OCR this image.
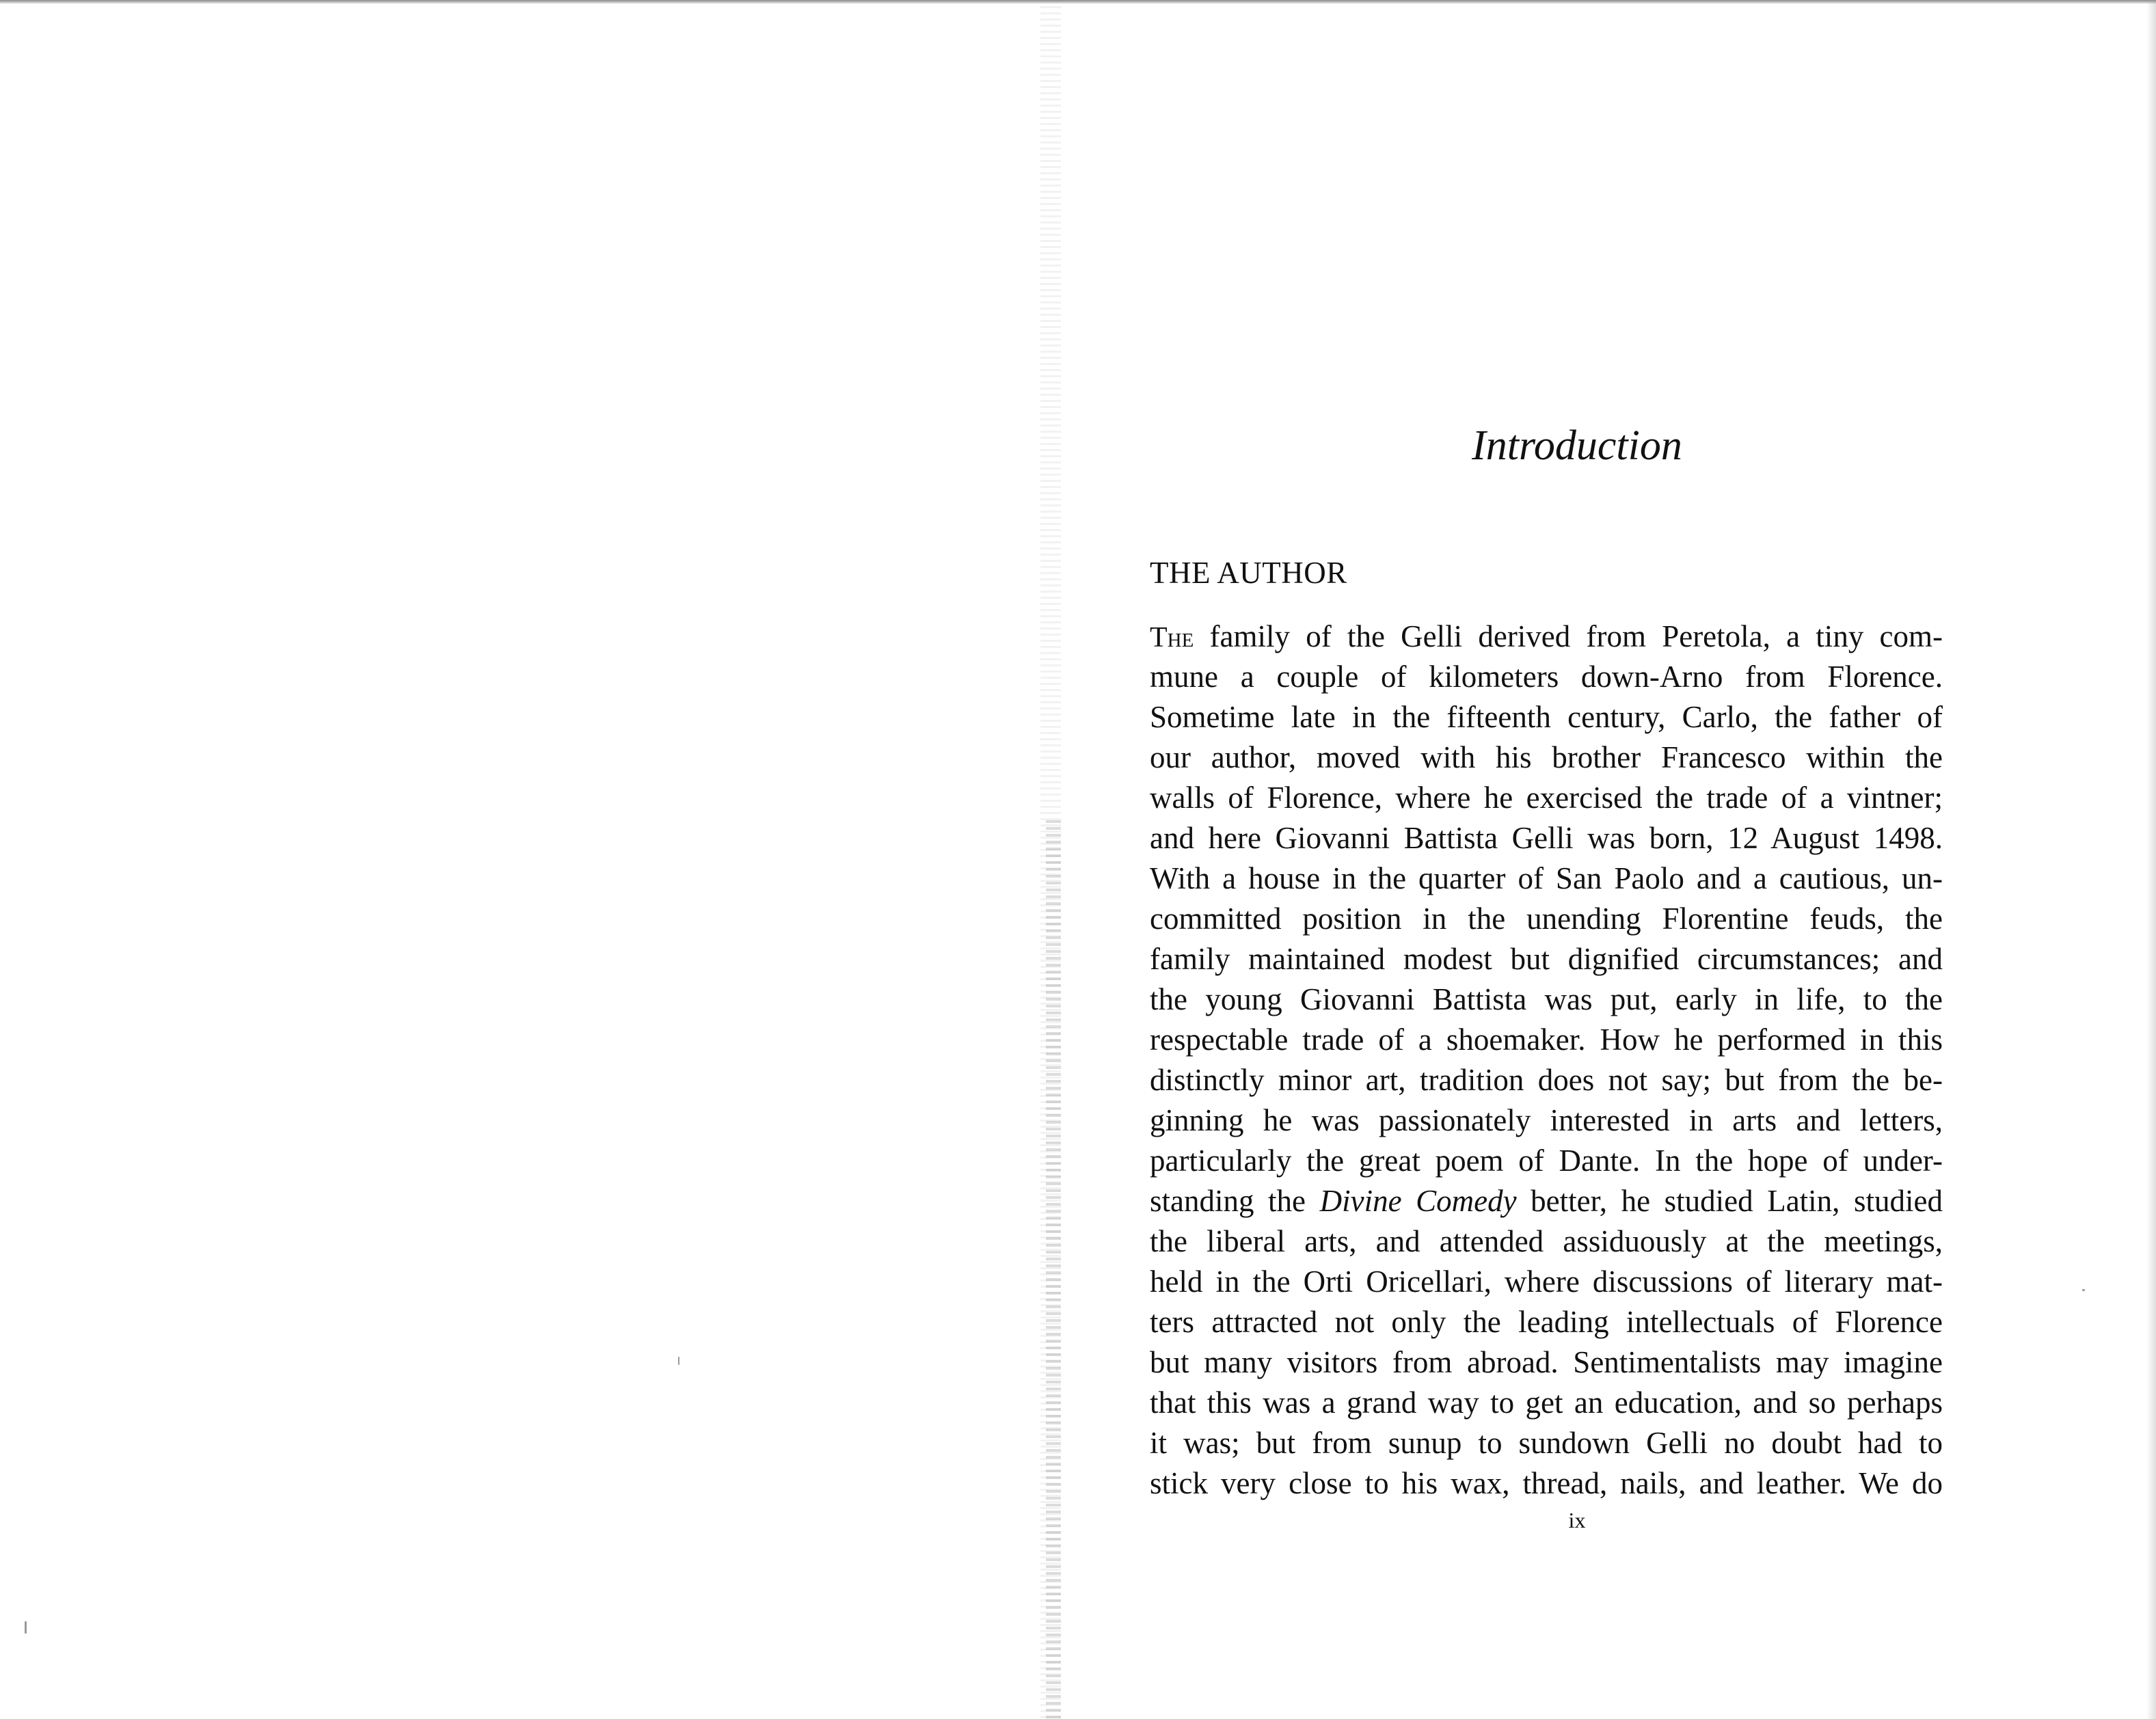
Introduction
THE AUTHOR
The family of the Gelli derived from Peretola, a tiny com-
mune a couple of kilometers down-Arno from Florence.
Sometime late in the fifteenth century, Carlo, the father of
our author, moved with his brother Francesco within the
walls of Florence, where he exercised the trade of a vintner;
and here Giovanni Battista Gelli was born, 12 August 1498.
With a house in the quarter of San Paolo and a cautious, un-
committed position in the unending Florentine feuds, the
family maintained modest but dignified circumstances; and
the young Giovanni Battista was put, early in life, to the
respectable trade of a shoemaker. How he performed in this
distinctly minor art, tradition does not say; but from the be-
ginning he was passionately interested in arts and letters,
particularly the great poem of Dante. In the hope of under-
standing the Divine Comedy better, he studied Latin, studied
the liberal arts, and attended assiduously at the meetings,
held in the Orti Oricellari, where discussions of literary mat-
ters attracted not only the leading intellectuals of Florence
but many visitors from abroad. Sentimentalists may imagine
that this was a grand way to get an education, and so perhaps
it was; but from sunup to sundown Gelli no doubt had to
stick very close to his wax, thread, nails, and leather. We do
ix
